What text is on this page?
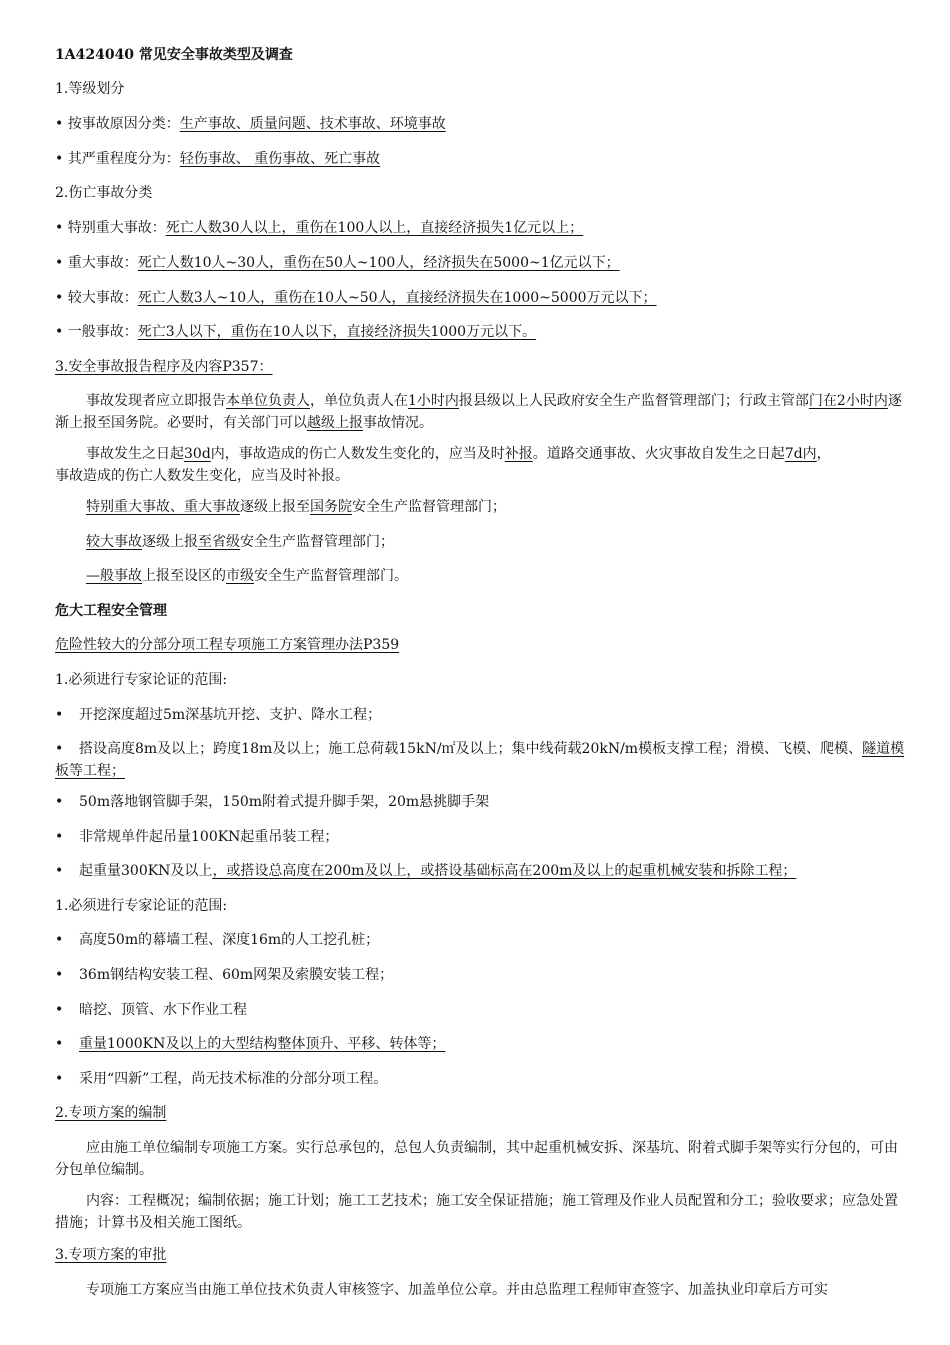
1A424040 常见安全事故类型及调查
1.等级划分
• 按事故原因分类：生产事故、质量问题、技术事故、环境事故
• 其严重程度分为：轻伤事故、 重伤事故、死亡事故
2.伤亡事故分类
• 特别重大事故：死亡人数30人以上，重伤在100人以上，直接经济损失1亿元以上；
• 重大事故：死亡人数10人~30人，重伤在50人~100人，经济损失在5000~1亿元以下；
• 较大事故：死亡人数3人~10人，重伤在10人~50人，直接经济损失在1000~5000万元以下；
• 一般事故：死亡3人以下，重伤在10人以下，直接经济损失1000万元以下。
3.安全事故报告程序及内容P357：
事故发现者应立即报告本单位负责人，单位负责人在1小时内报县级以上人民政府安全生产监督管理部门；行政主管部门在2小时内逐渐上报至国务院。必要时，有关部门可以越级上报事故情况。
事故发生之日起30d内，事故造成的伤亡人数发生变化的，应当及时补报。道路交通事故、火灾事故自发生之日起7d内，
事故造成的伤亡人数发生变化，应当及时补报。
特别重大事故、重大事故逐级上报至国务院安全生产监督管理部门；
较大事故逐级上报至省级安全生产监督管理部门；
—般事故上报至设区的市级安全生产监督管理部门。
危大工程安全管理
危险性较大的分部分项工程专项施工方案管理办法P359
1.必须进行专家论证的范围:
• 开挖深度超过5m深基坑开挖、支护、降水工程；
• 搭设高度8m及以上；跨度18m及以上；施工总荷载15kN/㎡及以上；集中线荷载20kN/m模板支撑工程；滑模、飞模、爬模、隧道模板等工程；
• 50m落地钢管脚手架，150m附着式提升脚手架，20m悬挑脚手架
• 非常规单件起吊量100KN起重吊装工程；
• 起重量300KN及以上，或搭设总高度在200m及以上，或搭设基础标高在200m及以上的起重机械安装和拆除工程；
1.必须进行专家论证的范围:
• 高度50m的幕墙工程、深度16m的人工挖孔桩；
• 36m钢结构安装工程、60m网架及索膜安装工程；
• 暗挖、顶管、水下作业工程
• 重量1000KN及以上的大型结构整体顶升、平移、转体等；
• 采用“四新”工程，尚无技术标准的分部分项工程。
2.专项方案的编制
应由施工单位编制专项施工方案。实行总承包的，总包人负责编制，其中起重机械安拆、深基坑、附着式脚手架等实行分包的，可由分包单位编制。
内容：工程概况；编制依据；施工计划；施工工艺技术；施工安全保证措施；施工管理及作业人员配置和分工；验收要求；应急处置措施；计算书及相关施工图纸。
3.专项方案的审批
专项施工方案应当由施工单位技术负责人审核签字、加盖单位公章。并由总监理工程师审查签字、加盖执业印章后方可实
